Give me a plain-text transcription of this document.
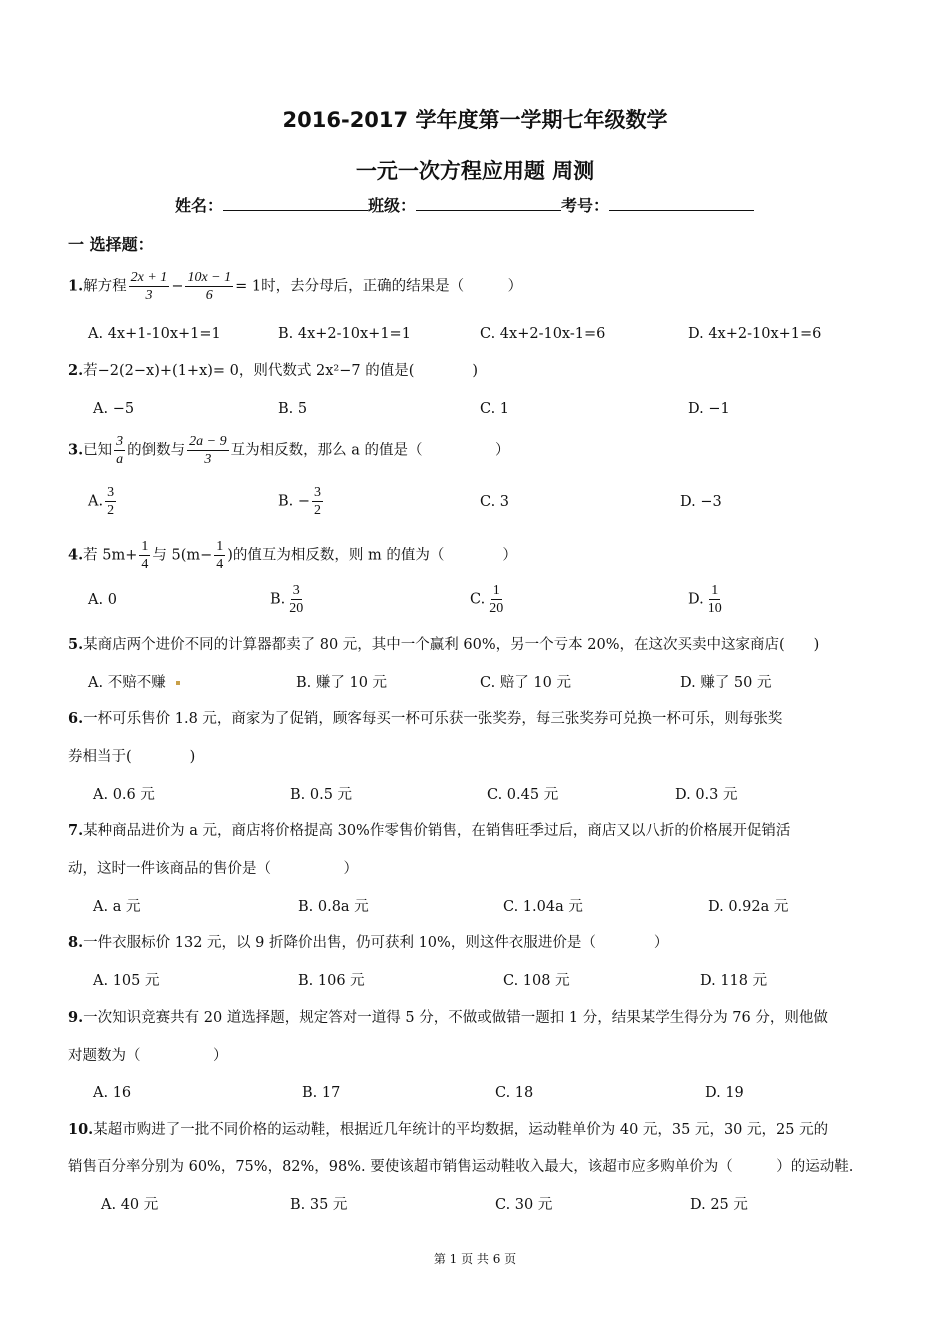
2016-2017 学年度第一学期七年级数学
一元一次方程应用题 周测
姓名：	班级：	考号：
一 选择题：
1.解方程 $\frac{2x + 1}{3} - \frac{10x - 1}{6} = 1$时，去分母后，正确的结果是（　　　）
A. 4x+1-10x+1=1	B. 4x+2-10x+1=1	C. 4x+2-10x-1=6	D. 4x+2-10x+1=6
2.若−2(2−x)+(1+x)= 0，则代数式 2x²−7 的值是(　　　　)
A. −5	B. 5	C. 1	D. −1
3.已知 $\frac{3}{a}$ 的倒数与 $\frac{2a - 9}{3}$ 互为相反数，那么 a 的值是（　　　　　）
A. $\frac{3}{2}$	B. − $\frac{3}{2}$	C. 3	D. −3
4.若 $5m+ \frac{1}{4}$ 与 $5(m- \frac{1}{4}$ )的值互为相反数，则 m 的值为（　　　　）
A. 0	B. $\frac{3}{20}$	C. $\frac{1}{20}$	D. $\frac{1}{10}$
5.某商店两个进价不同的计算器都卖了 80 元，其中一个赢利 60%，另一个亏本 20%，在这次买卖中这家商店(　　)
A. 不赔不赚	B. 赚了 10 元	C. 赔了 10 元	D. 赚了 50 元
6.一杯可乐售价 1.8 元，商家为了促销，顾客每买一杯可乐获一张奖券，每三张奖券可兑换一杯可乐，则每张奖
券相当于(　　　　)
A. 0.6 元	B. 0.5 元	C. 0.45 元	D. 0.3 元
7.某种商品进价为 a 元，商店将价格提高 30%作零售价销售，在销售旺季过后，商店又以八折的价格展开促销活
动，这时一件该商品的售价是（　　　　　）
A. a 元	B. 0.8a 元	C. 1.04a 元	D. 0.92a 元
8.一件衣服标价 132 元，以 9 折降价出售，仍可获利 10%，则这件衣服进价是（　　　　）
A. 105 元	B. 106 元	C. 108 元	D. 118 元
9.一次知识竞赛共有 20 道选择题，规定答对一道得 5 分，不做或做错一题扣 1 分，结果某学生得分为 76 分，则他做
对题数为（　　　　　）
A. 16	B. 17	C. 18	D. 19
10.某超市购进了一批不同价格的运动鞋，根据近几年统计的平均数据，运动鞋单价为 40 元，35 元，30 元，25 元的
销售百分率分别为 60%，75%，82%，98%. 要使该超市销售运动鞋收入最大，该超市应多购单价为（　　　）的运动鞋.
A. 40 元	B. 35 元	C. 30 元	D. 25 元
第 1 页 共 6 页
